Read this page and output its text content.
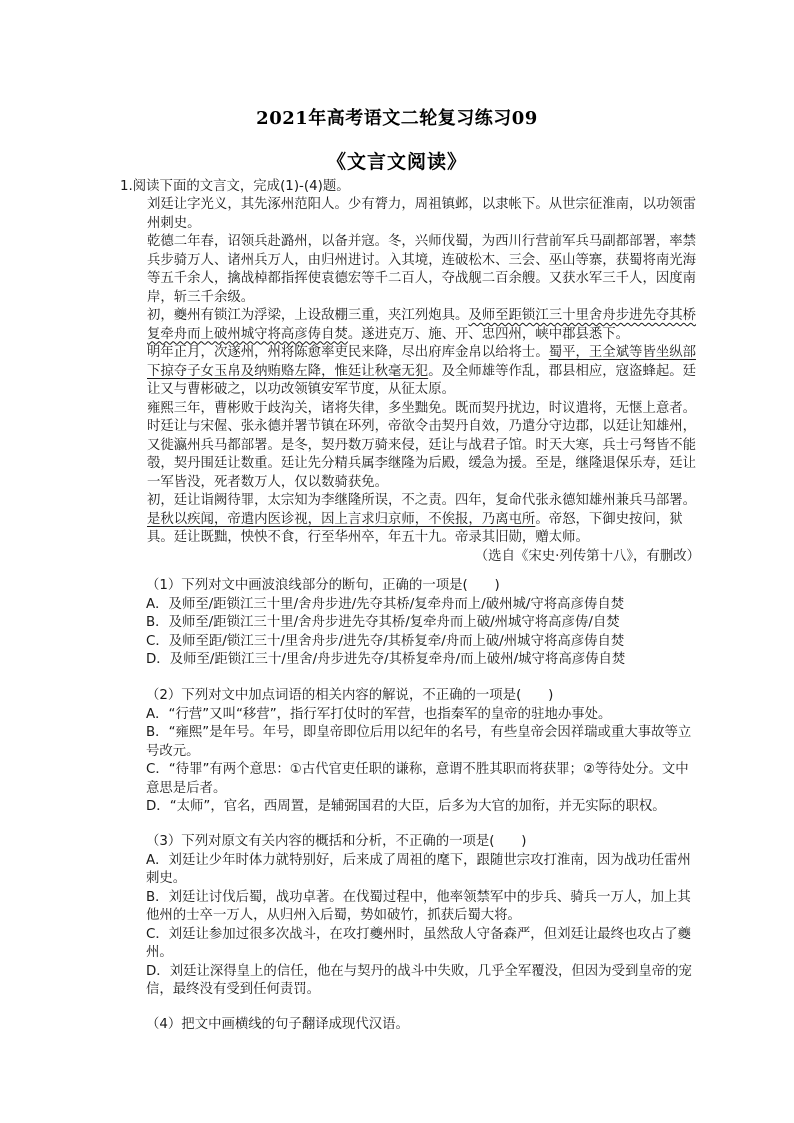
2021年高考语文二轮复习练习09
《文言文阅读》
1.阅读下面的文言文，完成(1)-(4)题。

刘廷让字光义，其先涿州范阳人。少有膂力，周祖镇邺，以隶帐下。从世宗征淮南，以功领雷州刺史。

乾德二年春，诏领兵赴潞州，以备并寇。冬，兴师伐蜀，为西川行营前军兵马副都部署，率禁兵步骑万人、诸州兵万人，由归州进讨。入其境，连破松木、三会、巫山等寨，获蜀将南光海等五千余人，擒战棹都指挥使袁德宏等千二百人，夺战舰二百余艘。又获水军三千人，因度南岸，斩三千余级。

初，夔州有锁江为浮梁，上设敌棚三重，夹江列炮具。及师至距锁江三十里舍舟步进先夺其桥复牵舟而上破州城守将高彦俦自焚。遂进克万、施、开、忠四州，峡中郡县悉下。

明年正月，次遂州，州将陈愈率吏民来降，尽出府库金帛以给将士。蜀平，王全斌等皆坐纵部下掠夺子女玉帛及纳贿赂左降，惟廷让秋毫无犯。及全师雄等作乱，郡县相应，寇盗蜂起。廷让又与曹彬破之，以功改领镇安军节度，从征太原。

雍熙三年，曹彬败于歧沟关，诸将失律，多坐黜免。既而契丹扰边，时议遣将，无惬上意者。时廷让与宋偓、张永德并署节镇在环列，帝欲令击契丹自效，乃遣分守边郡，以廷让知雄州，又徙瀛州兵马都部署。是冬，契丹数万骑来侵，廷让与战君子馆。时天大寒，兵士弓弩皆不能彀，契丹围廷让数重。廷让先分精兵属李继隆为后殿，缓急为援。至是，继隆退保乐寿，廷让一军皆没，死者数万人，仅以数骑获免。

初，廷让诣阙待罪，太宗知为李继隆所误，不之责。四年，复命代张永德知雄州兼兵马部署。是秋以疾闻，帝遣内医诊视，因上言求归京师，不俟报，乃离屯所。帝怒，下御史按问，狱具。廷让既黜，怏怏不食，行至华州卒，年五十九。帝录其旧勋，赠太师。

（选自《宋史·列传第十八》，有删改）

（1）下列对文中画波浪线部分的断句，正确的一项是(　　)

A．及师至/距锁江三十里/舍舟步进/先夺其桥/复牵舟而上/破州城/守将高彦俦自焚

B．及师至/距锁江三十里/舍舟步进先夺其桥/复牵舟而上破/州城守将高彦俦/自焚

C．及师至距/锁江三十/里舍舟步/进先夺/其桥复牵/舟而上破/州城守将高彦俦自焚

D．及师至/距锁江三十/里舍/舟步进先夺/其桥复牵舟/而上破州/城守将高彦俦自焚

（2）下列对文中加点词语的相关内容的解说，不正确的一项是(　　)

A．“行营”又叫“移营”，指行军打仗时的军营，也指秦军的皇帝的驻地办事处。

B．“雍熙”是年号。年号，即皇帝即位后用以纪年的名号，有些皇帝会因祥瑞或重大事故等立号改元。

C．“待罪”有两个意思：①古代官吏任职的谦称，意谓不胜其职而将获罪；②等待处分。文中意思是后者。

D．“太师”，官名，西周置，是辅弼国君的大臣，后多为大官的加衔，并无实际的职权。

（3）下列对原文有关内容的概括和分析，不正确的一项是(　　)

A．刘廷让少年时体力就特别好，后来成了周祖的麾下，跟随世宗攻打淮南，因为战功任雷州刺史。

B．刘廷让讨伐后蜀，战功卓著。在伐蜀过程中，他率领禁军中的步兵、骑兵一万人，加上其他州的士卒一万人，从归州入后蜀，势如破竹，抓获后蜀大将。

C．刘廷让参加过很多次战斗，在攻打夔州时，虽然敌人守备森严，但刘廷让最终也攻占了夔州。

D．刘廷让深得皇上的信任，他在与契丹的战斗中失败，几乎全军覆没，但因为受到皇帝的宠信，最终没有受到任何责罚。

（4）把文中画横线的句子翻译成现代汉语。
